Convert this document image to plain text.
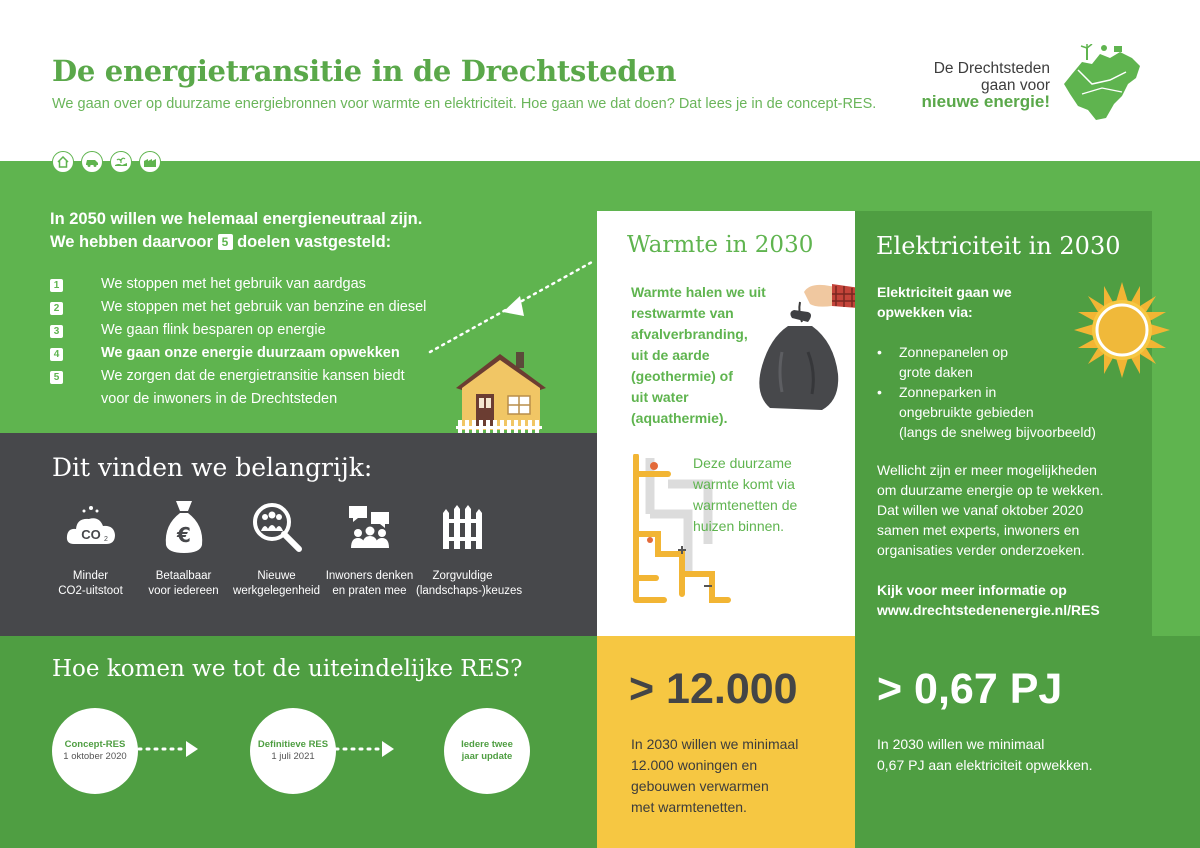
De energietransitie in de Drechtsteden
We gaan over op duurzame energiebronnen voor warmte en elektriciteit. Hoe gaan we dat doen? Dat lees je in de concept-RES.
De Drechtsteden
gaan voor
nieuwe energie!
In 2050 willen we helemaal energieneutraal zijn.
We hebben daarvoor 5 doelen vastgesteld:
1	We stoppen met het gebruik van aardgas
2	We stoppen met het gebruik van benzine en diesel
3	We gaan flink besparen op energie
4	We gaan onze energie duurzaam opwekken
5	We zorgen dat de energietransitie kansen biedt
voor de inwoners in de Drechtsteden
Dit vinden we belangrijk:
CO 2
Minder
CO2-uitstoot
€
Betaalbaar
voor iedereen
Nieuwe
werkgelegenheid
Inwoners denken
en praten mee
Zorgvuldige
(landschaps-)keuzes
Hoe komen we tot de uiteindelijke RES?
Concept-RES
1 oktober 2020
Definitieve RES
1 juli 2021
Iedere twee
jaar update
Warmte in 2030
Warmte halen we uit
restwarmte van
afvalverbranding,
uit de aarde
(geothermie) of
uit water
(aquathermie).
Deze duurzame
warmte komt via
warmtenetten de
huizen binnen.
Elektriciteit in 2030
Elektriciteit gaan we
opwekken via:
•	Zonnepanelen op
grote daken
•	Zonneparken in
ongebruikte gebieden
(langs de snelweg bijvoorbeeld)
Wellicht zijn er meer mogelijkheden
om duurzame energie op te wekken.
Dat willen we vanaf oktober 2020
samen met experts, inwoners en
organisaties verder onderzoeken.
Kijk voor meer informatie op
www.drechtstedenenergie.nl/RES
> 12.000
In 2030 willen we minimaal
12.000 woningen en
gebouwen verwarmen
met warmtenetten.
> 0,67 PJ
In 2030 willen we minimaal
0,67 PJ aan elektriciteit opwekken.
